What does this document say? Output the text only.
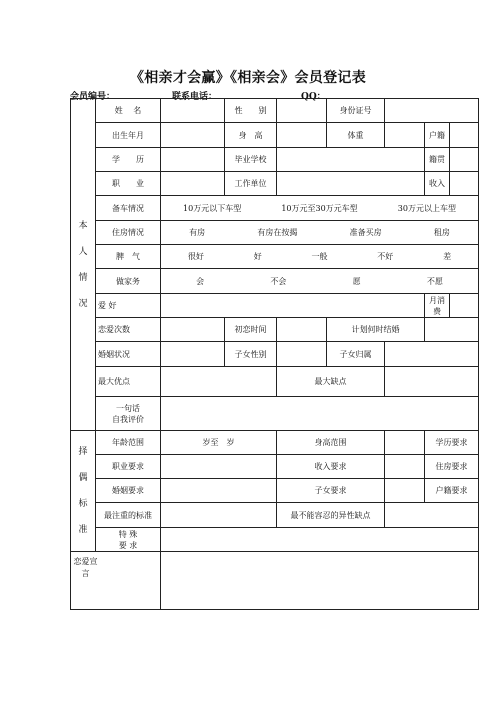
《相亲才会赢》《相亲会》会员登记表
会员编号：	联系电话：	QQ：
本
人
情
况	姓　 名		性　　别		身份证号			
	出生年月		身　高		体重		户籍	
	学　　历		毕业学校				籍贯	
	职　　业		工作单位				收入	
	备车情况	10万元以下车型 10万元至30万元车型 30万元以上车型						

	住房情况	有房 有房在按揭 准备买房 租房						

	脾　气	很好 好 一般 不好 差						

	做家务	会 不会 愿 不愿						

	爱 好						月消费	
	恋爱次数		初恋时间		计划何时结婚			
	婚姻状况		子女性别		子女归属			
	最大优点			最大缺点				

	一句话
自我评价							

择
偶
标
准	年龄范围	岁至　岁		身高范围			学历要求	
	职业要求			收入要求			住房要求	
	婚姻要求			子女要求			户籍要求	
	最注重的标准			最不能容忍的异性缺点				

	特 殊
要 求							

恋爱宣言								
